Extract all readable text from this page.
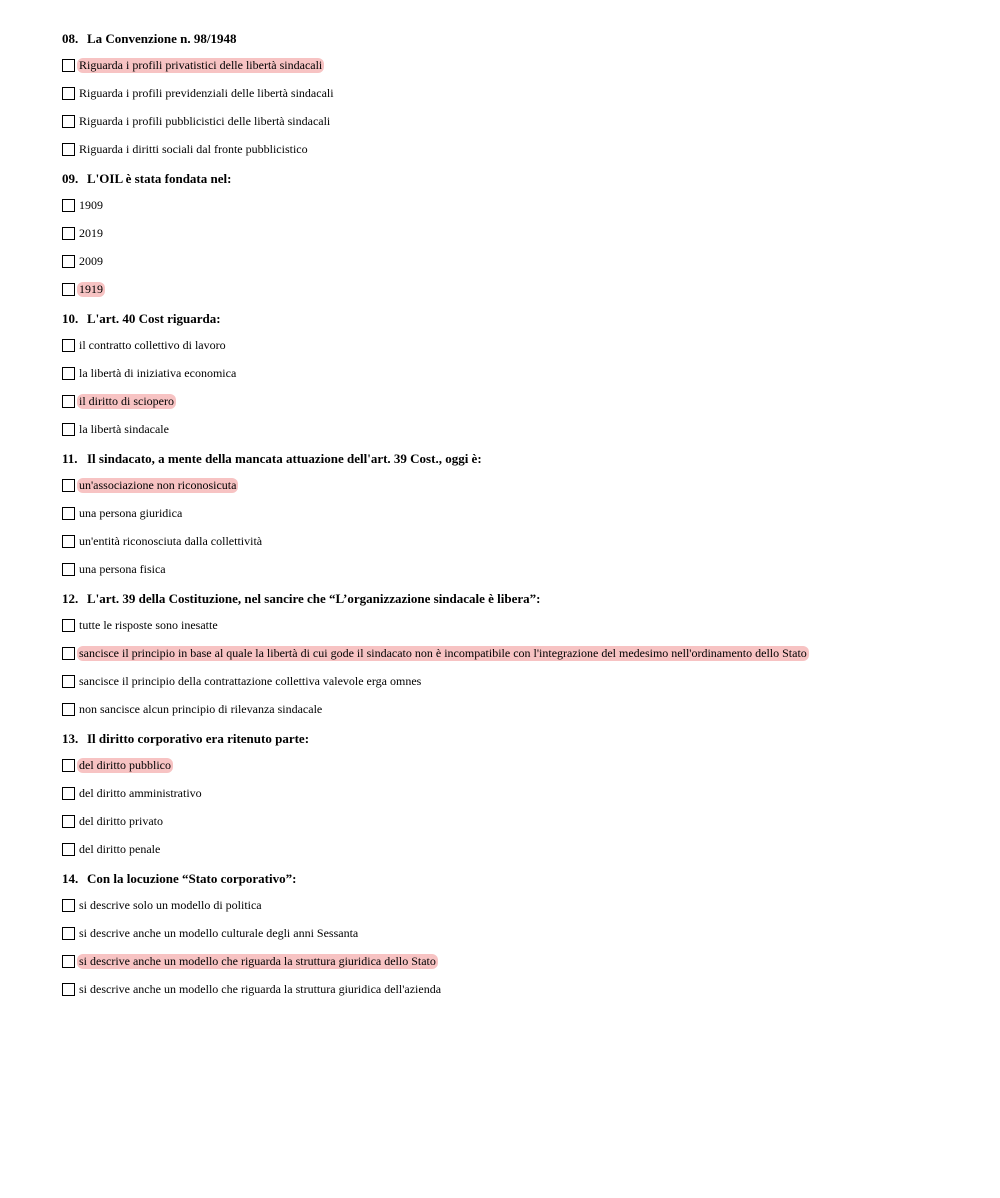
08. La Convenzione n. 98/1948
Riguarda i profili privatistici delle libertà sindacali
Riguarda i profili previdenziali delle libertà sindacali
Riguarda i profili pubblicistici delle libertà sindacali
Riguarda i diritti sociali dal fronte pubblicistico
09. L'OIL è stata fondata nel:
1909
2019
2009
1919
10. L'art. 40 Cost riguarda:
il contratto collettivo di lavoro
la libertà di iniziativa economica
il diritto di sciopero
la libertà sindacale
11. Il sindacato, a mente della mancata attuazione dell'art. 39 Cost., oggi è:
un'associazione non riconosicuta
una persona giuridica
un'entità riconosciuta dalla collettività
una persona fisica
12. L'art. 39 della Costituzione, nel sancire che “L’organizzazione sindacale è libera”:
tutte le risposte sono inesatte
sancisce il principio in base al quale la libertà di cui gode il sindacato non è incompatibile con l'integrazione del medesimo nell'ordinamento dello Stato
sancisce il principio della contrattazione collettiva valevole erga omnes
non sancisce alcun principio di rilevanza sindacale
13. Il diritto corporativo era ritenuto parte:
del diritto pubblico
del diritto amministrativo
del diritto privato
del diritto penale
14. Con la locuzione “Stato corporativo”:
si descrive solo un modello di politica
si descrive anche un modello culturale degli anni Sessanta
si descrive anche un modello che riguarda la struttura giuridica dello Stato
si descrive anche un modello che riguarda la struttura giuridica dell'azienda
